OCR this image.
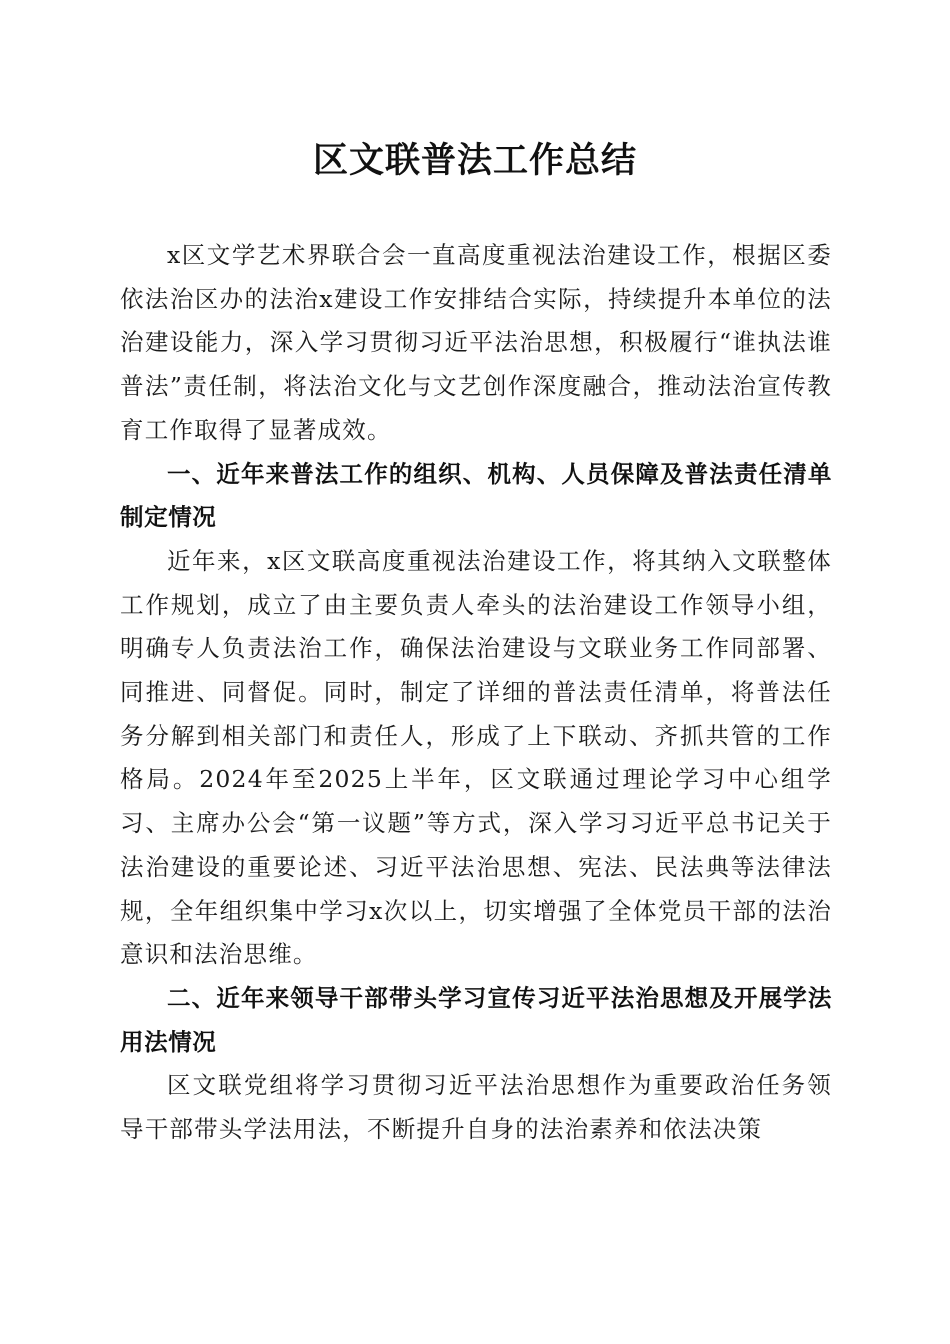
区文联普法工作总结

x区文学艺术界联合会一直高度重视法治建设工作，根据区委依法治区办的法治x建设工作安排结合实际，持续提升本单位的法治建设能力，深入学习贯彻习近平法治思想，积极履行“谁执法谁普法”责任制，将法治文化与文艺创作深度融合，推动法治宣传教育工作取得了显著成效。

一、近年来普法工作的组织、机构、人员保障及普法责任清单制定情况

近年来，x区文联高度重视法治建设工作，将其纳入文联整体工作规划，成立了由主要负责人牵头的法治建设工作领导小组，明确专人负责法治工作，确保法治建设与文联业务工作同部署、同推进、同督促。同时，制定了详细的普法责任清单，将普法任务分解到相关部门和责任人，形成了上下联动、齐抓共管的工作格局。2024年至2025上半年，区文联通过理论学习中心组学习、主席办公会“第一议题”等方式，深入学习习近平总书记关于法治建设的重要论述、习近平法治思想、宪法、民法典等法律法规，全年组织集中学习x次以上，切实增强了全体党员干部的法治意识和法治思维。

二、近年来领导干部带头学习宣传习近平法治思想及开展学法用法情况

区文联党组将学习贯彻习近平法治思想作为重要政治任务领导干部带头学法用法，不断提升自身的法治素养和依法决策
